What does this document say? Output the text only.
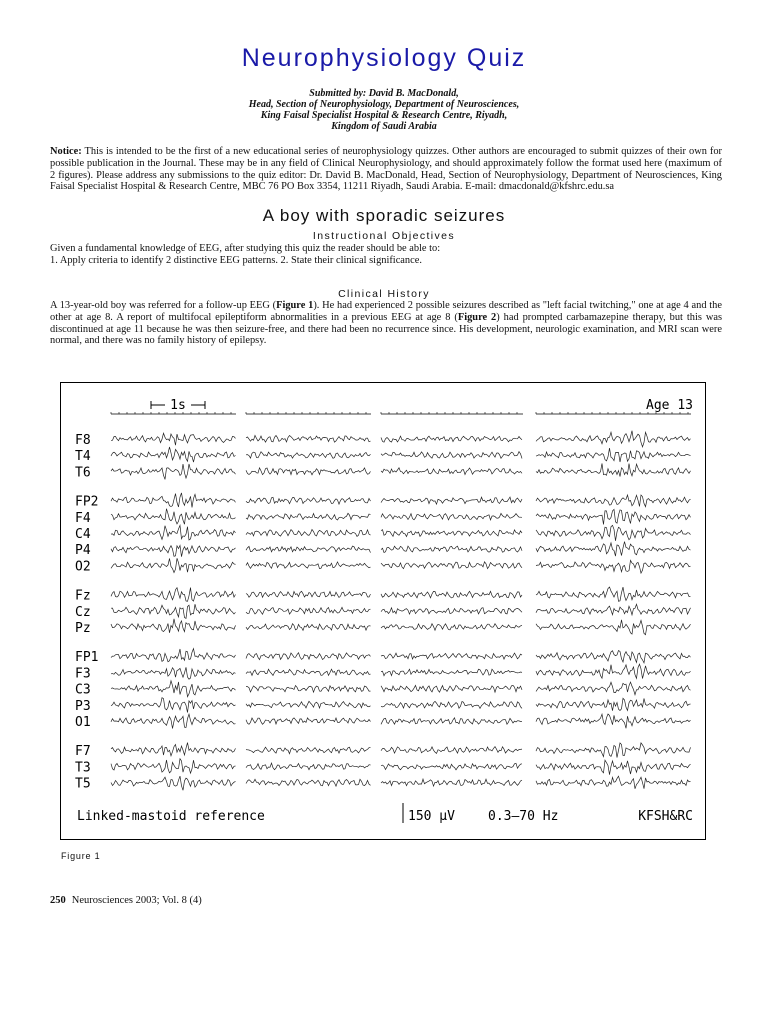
Neurophysiology Quiz
Submitted by: David B. MacDonald,
Head, Section of Neurophysiology, Department of Neurosciences,
King Faisal Specialist Hospital & Research Centre, Riyadh,
Kingdom of Saudi Arabia
Notice: This is intended to be the first of a new educational series of neurophysiology quizzes. Other authors are encouraged to submit quizzes of their own for possible publication in the Journal. These may be in any field of Clinical Neurophysiology, and should approximately follow the format used here (maximum of 2 figures). Please address any submissions to the quiz editor: Dr. David B. MacDonald, Head, Section of Neurophysiology, Department of Neurosciences, King Faisal Specialist Hospital & Research Centre, MBC 76 PO Box 3354, 11211 Riyadh, Saudi Arabia. E-mail: dmacdonald@kfshrc.edu.sa
A boy with sporadic seizures
Instructional Objectives
Given a fundamental knowledge of EEG, after studying this quiz the reader should be able to:
1. Apply criteria to identify 2 distinctive EEG patterns. 2. State their clinical significance.
Clinical History
A 13-year-old boy was referred for a follow-up EEG (Figure 1). He had experienced 2 possible seizures described as "left facial twitching," one at age 4 and the other at age 8. A report of multifocal epileptiform abnormalities in a previous EEG at age 8 (Figure 2) had prompted carbamazepine therapy, but this was discontinued at age 11 because he was then seizure-free, and there had been no recurrence since. His development, neurologic examination, and MRI scan were normal, and there was no family history of epilepsy.
1s	Age 13
F8
T4
T6
FP2
F4
C4
P4
O2
Fz
Cz
Pz
FP1
F3
C3
P3
O1
F7
T3
T5
Linked-mastoid reference	150 μV	0.3–70 Hz	KFSH&RC
Figure 1
250 Neurosciences 2003; Vol. 8 (4)
